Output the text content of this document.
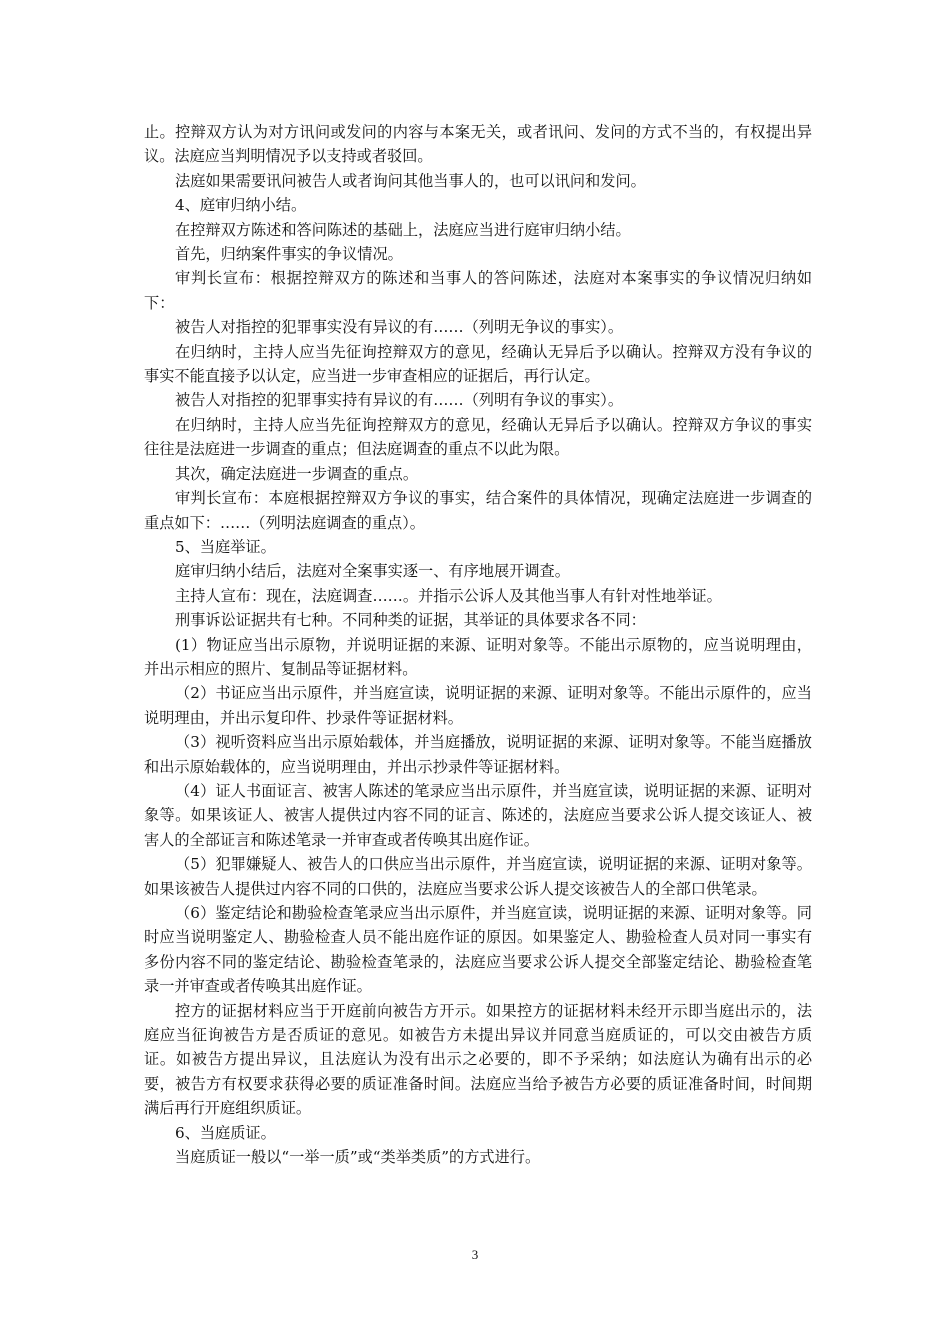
止。控辩双方认为对方讯问或发问的内容与本案无关，或者讯问、发问的方式不当的，有权提出异议。法庭应当判明情况予以支持或者驳回。

法庭如果需要讯问被告人或者询问其他当事人的，也可以讯问和发问。

4、庭审归纳小结。

在控辩双方陈述和答问陈述的基础上，法庭应当进行庭审归纳小结。

首先，归纳案件事实的争议情况。

审判长宣布：根据控辩双方的陈述和当事人的答问陈述，法庭对本案事实的争议情况归纳如下：

被告人对指控的犯罪事实没有异议的有……（列明无争议的事实）。

在归纳时，主持人应当先征询控辩双方的意见，经确认无异后予以确认。控辩双方没有争议的事实不能直接予以认定，应当进一步审查相应的证据后，再行认定。

被告人对指控的犯罪事实持有异议的有……（列明有争议的事实）。

在归纳时，主持人应当先征询控辩双方的意见，经确认无异后予以确认。控辩双方争议的事实往往是法庭进一步调查的重点；但法庭调查的重点不以此为限。

其次，确定法庭进一步调查的重点。

审判长宣布：本庭根据控辩双方争议的事实，结合案件的具体情况，现确定法庭进一步调查的重点如下：……（列明法庭调查的重点）。

5、当庭举证。

庭审归纳小结后，法庭对全案事实逐一、有序地展开调查。

主持人宣布：现在，法庭调查……。并指示公诉人及其他当事人有针对性地举证。

刑事诉讼证据共有七种。不同种类的证据，其举证的具体要求各不同：

(1）物证应当出示原物，并说明证据的来源、证明对象等。不能出示原物的，应当说明理由，并出示相应的照片、复制品等证据材料。

（2）书证应当出示原件，并当庭宣读，说明证据的来源、证明对象等。不能出示原件的，应当说明理由，并出示复印件、抄录件等证据材料。

（3）视听资料应当出示原始载体，并当庭播放，说明证据的来源、证明对象等。不能当庭播放和出示原始载体的，应当说明理由，并出示抄录件等证据材料。

（4）证人书面证言、被害人陈述的笔录应当出示原件，并当庭宣读，说明证据的来源、证明对象等。如果该证人、被害人提供过内容不同的证言、陈述的，法庭应当要求公诉人提交该证人、被害人的全部证言和陈述笔录一并审查或者传唤其出庭作证。

（5）犯罪嫌疑人、被告人的口供应当出示原件，并当庭宣读，说明证据的来源、证明对象等。如果该被告人提供过内容不同的口供的，法庭应当要求公诉人提交该被告人的全部口供笔录。

（6）鉴定结论和勘验检查笔录应当出示原件，并当庭宣读，说明证据的来源、证明对象等。同时应当说明鉴定人、勘验检查人员不能出庭作证的原因。如果鉴定人、勘验检查人员对同一事实有多份内容不同的鉴定结论、勘验检查笔录的，法庭应当要求公诉人提交全部鉴定结论、勘验检查笔录一并审查或者传唤其出庭作证。

控方的证据材料应当于开庭前向被告方开示。如果控方的证据材料未经开示即当庭出示的，法庭应当征询被告方是否质证的意见。如被告方未提出异议并同意当庭质证的，可以交由被告方质证。如被告方提出异议，且法庭认为没有出示之必要的，即不予采纳；如法庭认为确有出示的必要，被告方有权要求获得必要的质证准备时间。法庭应当给予被告方必要的质证准备时间，时间期满后再行开庭组织质证。

6、当庭质证。

当庭质证一般以“一举一质”或“类举类质”的方式进行。

3
